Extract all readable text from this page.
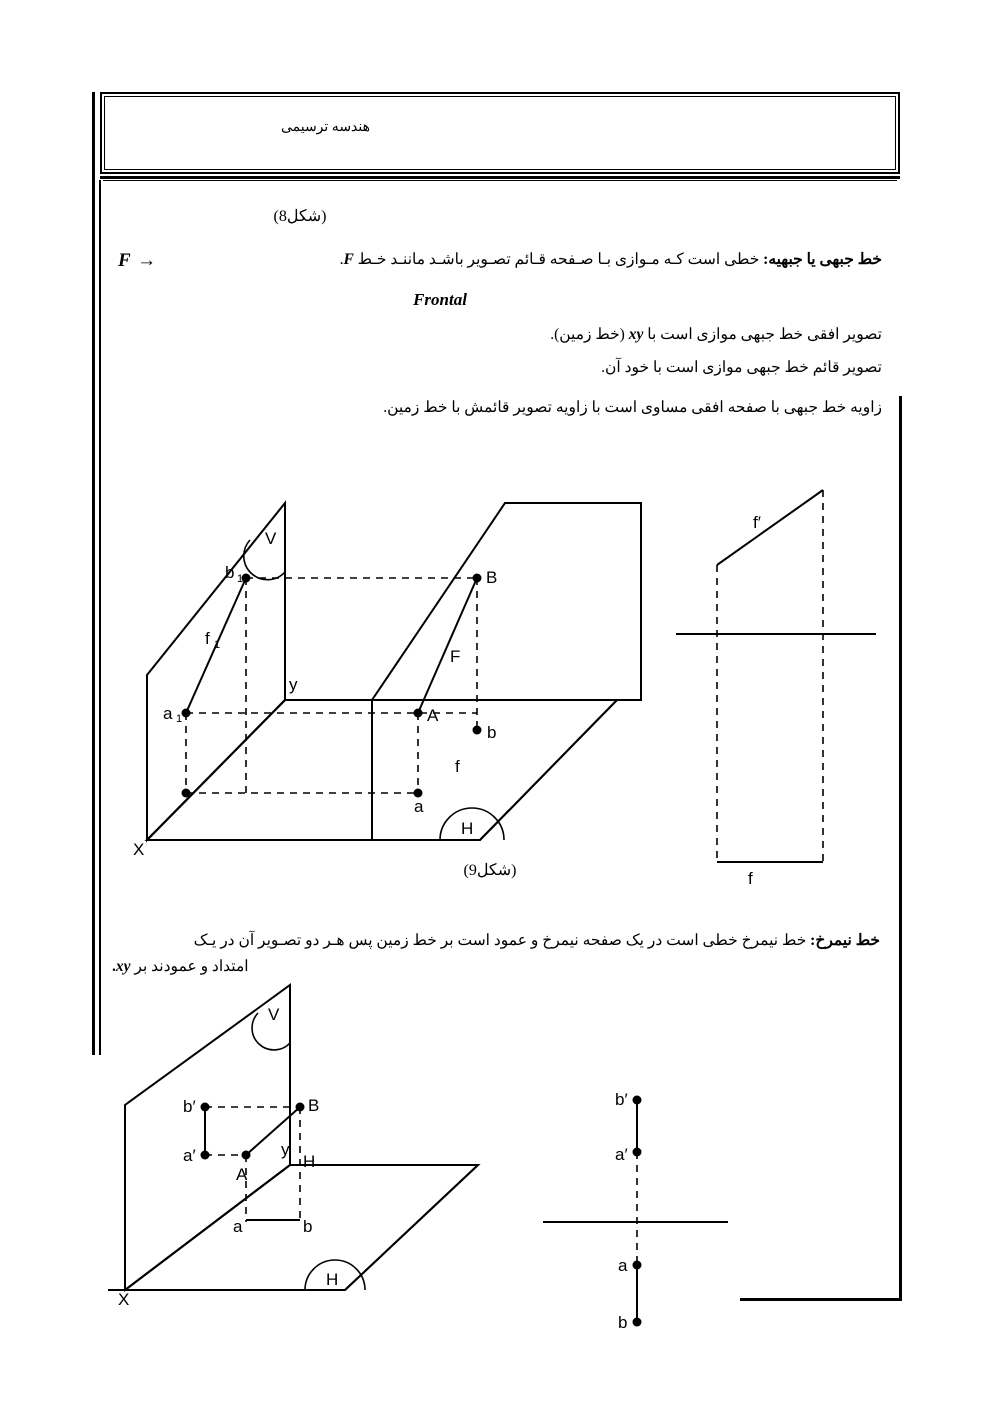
هندسه ترسیمی
(شکل8)
F →	خط جبهی یا جبهیه: خطی است کـه مـوازی بـا صـفحه قـائم تصـویر باشـد ماننـد خـط F.
Frontal
تصویر افقی خط جبهی موازی است با xy (خط زمین).
تصویر قائم خط جبهی موازی است با خود آن.
زاویه خط جبهی با صفحه افقی مساوی است با زاویه تصویر قائمش با خط زمین.
V
H
b 1
a 1
B
A
b
a
f 1
F
f
y
X
f′
f
(شکل9)
خط نیمرخ: خط نیمرخ خطی است در یک صفحه نیمرخ و عمود است بر خط زمین پس هـر دو تصـویر آن در یـک
امتداد و عمودند بر xy.
V
H
b′
a′
B
A
a	b
y
H
X
b′
a′
a
b
